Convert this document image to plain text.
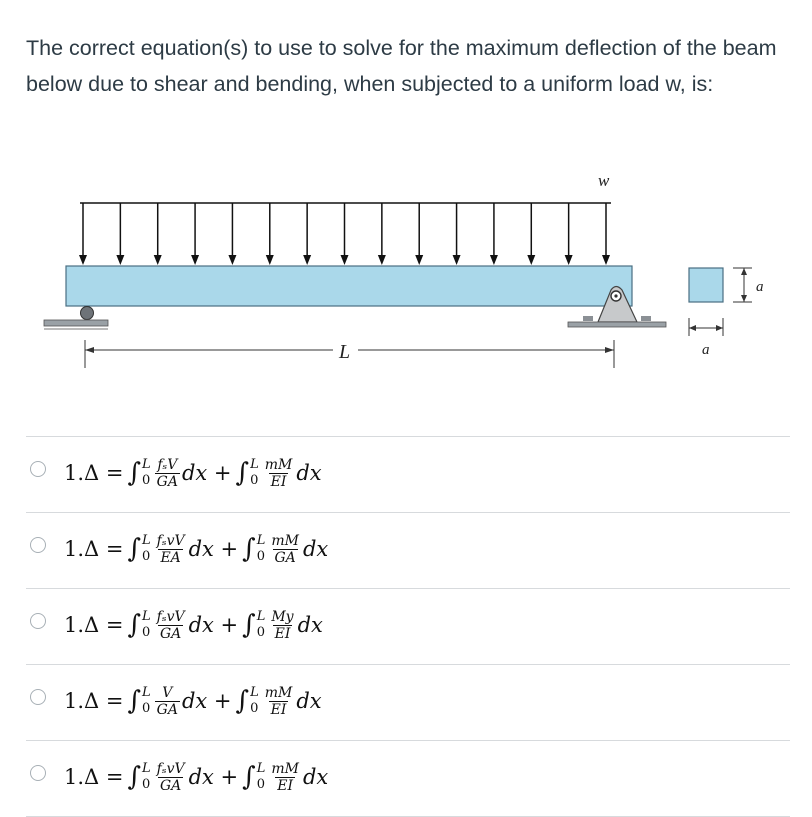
The correct equation(s) to use to solve for the maximum deflection of the beam below due to shear and bending, when subjected to a uniform load w, is:
w
L
a
a
1.Δ = ∫ L
$0 \frac{\text{fₛV}}{GA}$ dx + ∫ L
$0 \frac{mM}{EI}$ dx
1.Δ = ∫ L
$0 \frac{\text{fₛvV}}{EA}$ dx + ∫ L
$0 \frac{mM}{GA}$ dx
1.Δ = ∫ L
$0 \frac{\text{fₛvV}}{GA}$ dx + ∫ L
$0 \frac{My}{EI}$ dx
1.Δ = ∫ L
$0 \frac{V}{GA}$ dx + ∫ L
$0 \frac{mM}{EI}$ dx
1.Δ = ∫ L
$0 \frac{\text{fₛvV}}{GA}$ dx + ∫ L
$0 \frac{mM}{EI}$ dx
